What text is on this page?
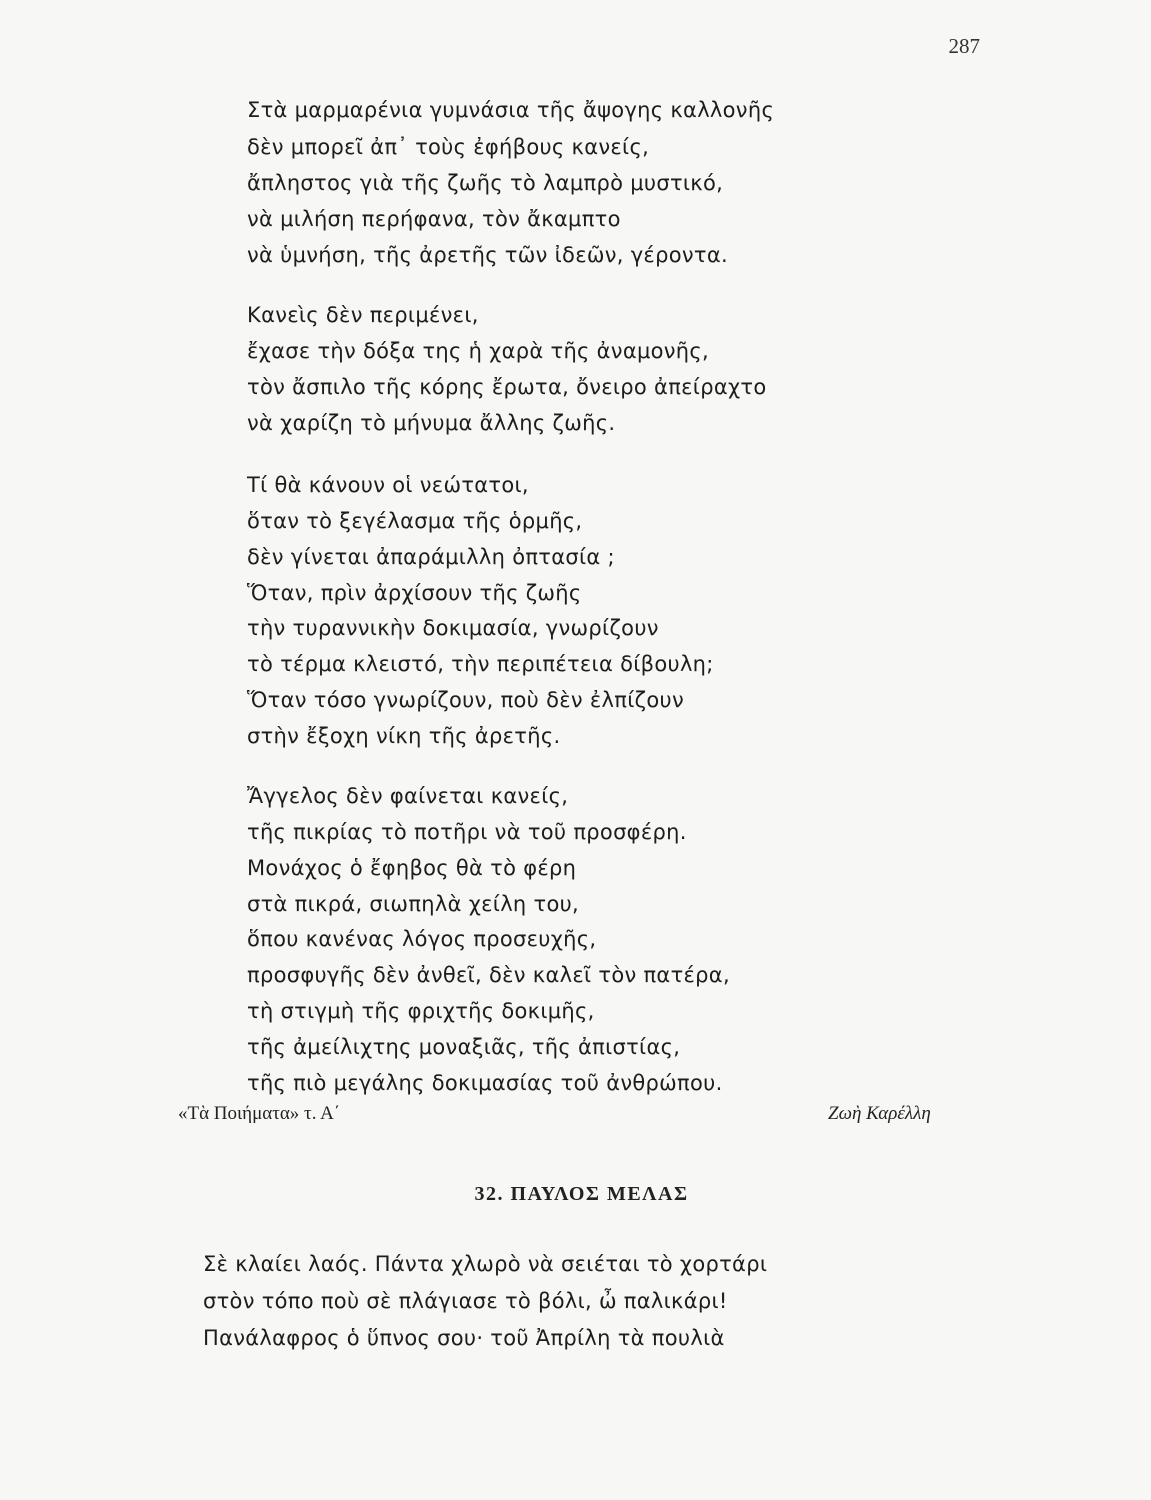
287
Στὰ μαρμαρένια γυμνάσια τῆς ἄψογης καλλονῆς
δὲν μπορεῖ ἀπ᾿ τοὺς ἐφήβους κανείς,
ἄπληστος γιὰ τῆς ζωῆς τὸ λαμπρὸ μυστικό,
νὰ μιλήση περήφανα, τὸν ἄκαμπτο
νὰ ὑμνήση, τῆς ἀρετῆς τῶν ἰδεῶν, γέροντα.
Κανεὶς δὲν περιμένει,
ἔχασε τὴν δόξα της ἡ χαρὰ τῆς ἀναμονῆς,
τὸν ἄσπιλο τῆς κόρης ἔρωτα, ὄνειρο ἀπείραχτο
νὰ χαρίζη τὸ μήνυμα ἄλλης ζωῆς.
Τί θὰ κάνουν οἱ νεώτατοι,
ὅταν τὸ ξεγέλασμα τῆς ὁρμῆς,
δὲν γίνεται ἀπαράμιλλη ὀπτασία ;
Ὅταν, πρὶν ἀρχίσουν τῆς ζωῆς
τὴν τυραννικὴν δοκιμασία, γνωρίζουν
τὸ τέρμα κλειστό, τὴν περιπέτεια δίβουλη;
Ὅταν τόσο γνωρίζουν, ποὺ δὲν ἐλπίζουν
στὴν ἔξοχη νίκη τῆς ἀρετῆς.
Ἄγγελος δὲν φαίνεται κανείς,
τῆς πικρίας τὸ ποτῆρι νὰ τοῦ προσφέρη.
Μονάχος ὁ ἔφηβος θὰ τὸ φέρη
στὰ πικρά, σιωπηλὰ χείλη του,
ὅπου κανένας λόγος προσευχῆς,
προσφυγῆς δὲν ἀνθεῖ, δὲν καλεῖ τὸν πατέρα,
τὴ στιγμὴ τῆς φριχτῆς δοκιμῆς,
τῆς ἀμείλιχτης μοναξιᾶς, τῆς ἀπιστίας,
τῆς πιὸ μεγάλης δοκιμασίας τοῦ ἀνθρώπου.
«Τὰ Ποιήματα» τ. Α΄	Ζωὴ Καρέλλη
32. ΠΑΥΛΟΣ ΜΕΛΑΣ
Σὲ κλαίει λαός. Πάντα χλωρὸ νὰ σειέται τὸ χορτάρι
στὸν τόπο ποὺ σὲ πλάγιασε τὸ βόλι, ὦ παλικάρι!
Πανάλαφρος ὁ ὕπνος σου· τοῦ Ἀπρίλη τὰ πουλιὰ
